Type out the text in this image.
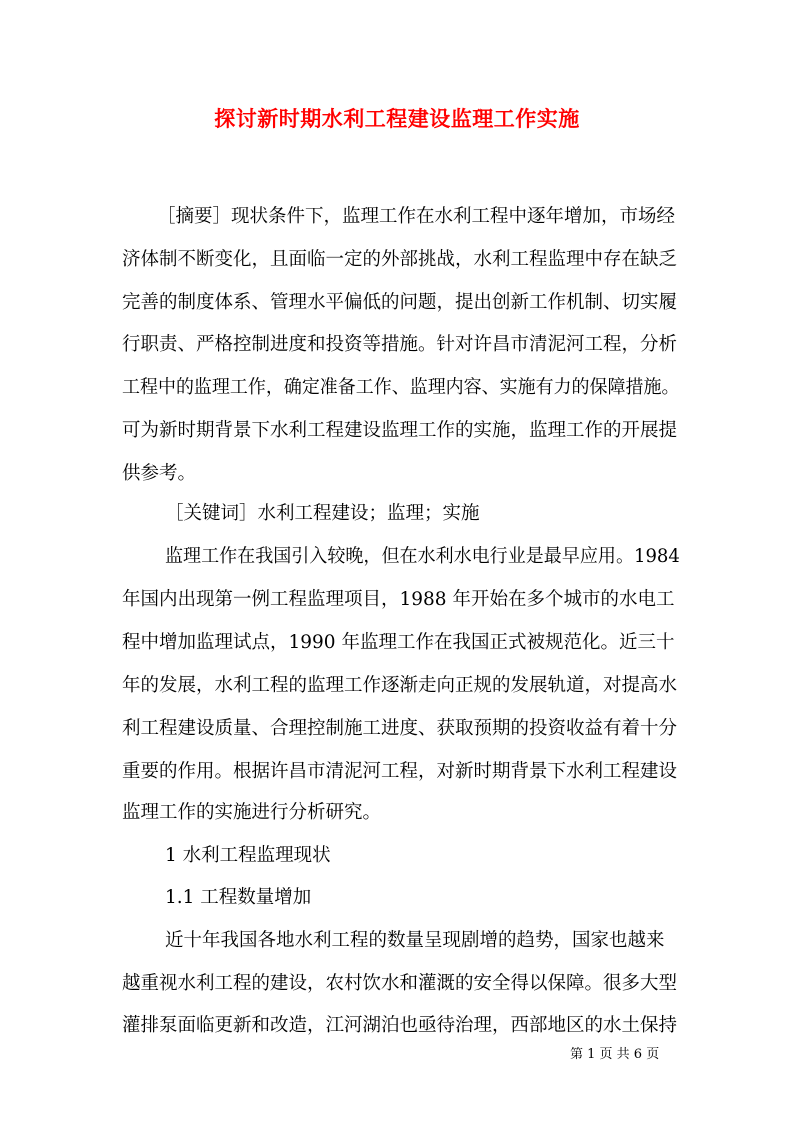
探讨新时期水利工程建设监理工作实施
［摘要］现状条件下，监理工作在水利工程中逐年增加，市场经
济体制不断变化，且面临一定的外部挑战，水利工程监理中存在缺乏
完善的制度体系、管理水平偏低的问题，提出创新工作机制、切实履
行职责、严格控制进度和投资等措施。针对许昌市清泥河工程，分析
工程中的监理工作，确定准备工作、监理内容、实施有力的保障措施。
可为新时期背景下水利工程建设监理工作的实施，监理工作的开展提
供参考。
［关键词］水利工程建设；监理；实施
监理工作在我国引入较晚，但在水利水电行业是最早应用。1984
年国内出现第一例工程监理项目，1988 年开始在多个城市的水电工
程中增加监理试点，1990 年监理工作在我国正式被规范化。近三十
年的发展，水利工程的监理工作逐渐走向正规的发展轨道，对提高水
利工程建设质量、合理控制施工进度、获取预期的投资收益有着十分
重要的作用。根据许昌市清泥河工程，对新时期背景下水利工程建设
监理工作的实施进行分析研究。
1 水利工程监理现状
1.1 工程数量增加
近十年我国各地水利工程的数量呈现剧增的趋势，国家也越来
越重视水利工程的建设，农村饮水和灌溉的安全得以保障。很多大型
灌排泵面临更新和改造，江河湖泊也亟待治理，西部地区的水土保持
第 1 页 共 6 页
